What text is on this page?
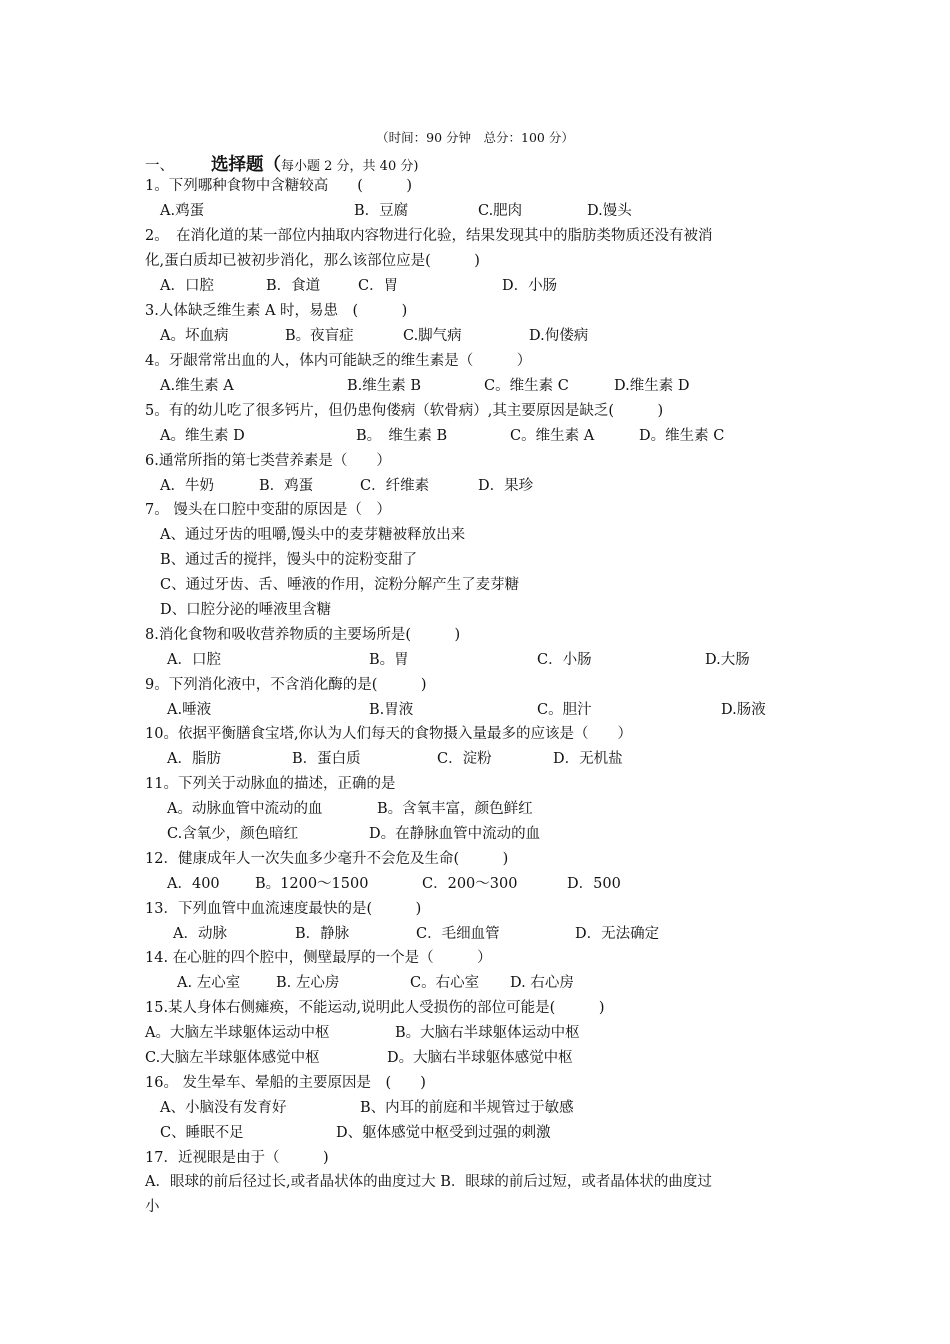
（时间：90 分钟　总分：100 分）
一、 选择题（每小题 2 分，共 40 分)
1。下列哪种食物中含糖较高　　(　　　)
A.鸡蛋	B．豆腐	C.肥肉	D.馒头
2。　在消化道的某一部位内抽取内容物进行化验，结果发现其中的脂肪类物质还没有被消
化,蛋白质却已被初步消化，那么该部位应是(　　　)
A．口腔	B．食道	C．胃	D．小肠
3.人体缺乏维生素 A 时，易患　(　　　)
A。坏血病	B。夜盲症	C.脚气病	D.佝偻病
4。牙龈常常出血的人，体内可能缺乏的维生素是（　　　）
A.维生素 A	B.维生素 B	C。维生素 C	D.维生素 D
5。有的幼儿吃了很多钙片，但仍患佝偻病（软骨病）,其主要原因是缺乏(　　　)
A。维生素 D	B。　维生素 B	C。维生素 A	D。维生素 C
6.通常所指的第七类营养素是（　　）
A．牛奶	B．鸡蛋	C．纤维素	D．果珍
7。 馒头在口腔中变甜的原因是（　）
A、通过牙齿的咀嚼,馒头中的麦芽糖被释放出来
B、通过舌的搅拌，馒头中的淀粉变甜了
C、通过牙齿、舌、唾液的作用，淀粉分解产生了麦芽糖
D、口腔分泌的唾液里含糖
8.消化食物和吸收营养物质的主要场所是(　　　)
A．口腔	B。胃	C．小肠	D.大肠
9。下列消化液中，不含消化酶的是(　　　)
A.唾液	B.胃液	C。胆汁	D.肠液
10。依据平衡膳食宝塔,你认为人们每天的食物摄入量最多的应该是（　　）
A．脂肪	B．蛋白质	C．淀粉	D．无机盐
11。下列关于动脉血的描述，正确的是
A。动脉血管中流动的血	B。含氧丰富，颜色鲜红
C.含氧少，颜色暗红	D。在静脉血管中流动的血
12．健康成年人一次失血多少毫升不会危及生命(　　　)
A．400 B。1200～1500	C．200～300	D．500
13．下列血管中血流速度最快的是(　　　)
A．动脉	B．静脉	C．毛细血管	D．无法确定
14. 在心脏的四个腔中，侧壁最厚的一个是（　　　）
A. 左心室 B. 左心房	C。右心室 D. 右心房
15.某人身体右侧瘫痪，不能运动,说明此人受损伤的部位可能是(　　　)
A。大脑左半球躯体运动中枢	B。大脑右半球躯体运动中枢
C.大脑左半球躯体感觉中枢	D。大脑右半球躯体感觉中枢
16。 发生晕车、晕船的主要原因是　(　　)
A、小脑没有发育好	B、内耳的前庭和半规管过于敏感
C、睡眠不足	D、躯体感觉中枢受到过强的刺激
17．近视眼是由于（　　　)
A．眼球的前后径过长,或者晶状体的曲度过大 B．眼球的前后过短，或者晶体状的曲度过
小
